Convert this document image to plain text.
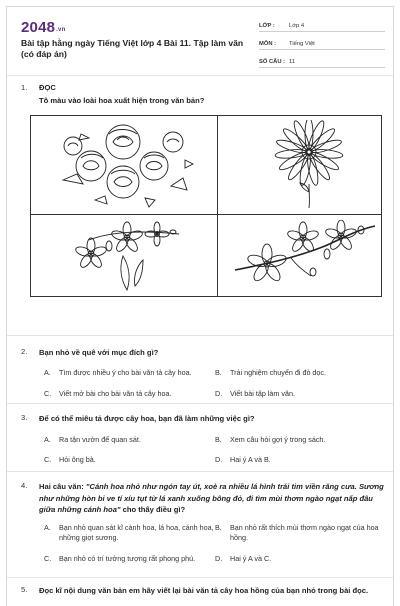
2048.vn
Bài tập hằng ngày Tiếng Việt lớp 4 Bài 11. Tập làm văn (có đáp án)
LỚP :	Lớp 4
MÔN :	Tiếng Việt
SỐ CÂU : 11
1. ĐỌC
Tô màu vào loài hoa xuất hiện trong văn bản?
2. Bạn nhỏ về quê với mục đích gì?
A. Tìm được nhiều ý cho bài văn tả cây hoa.	B. Trải nghiệm chuyến đi đò dọc.
C. Viết mở bài cho bài văn tả cây hoa.	D. Viết bài tập làm văn.
3. Để có thể miêu tả được cây hoa, bạn đã làm những việc gì?
A. Ra tận vườn để quan sát.	B. Xem câu hỏi gợi ý trong sách.
C. Hỏi ông bà.	D. Hai ý A và B.
4. Hai câu văn: "Cánh hoa nhỏ như ngón tay út, xoè ra nhiều lá hình trái tim viền răng cưa. Sương như những hòn bi ve tí xíu tụt từ lá xanh xuống bông đỏ, đi tìm mùi thơm ngào ngạt nấp đâu giữa những cánh hoa" cho thấy điều gì?
A. Bạn nhỏ quan sát kĩ cành hoa, lá hoa, cánh hoa, những giọt sương.
B. Bạn nhỏ rất thích mùi thơm ngào ngạt của hoa hồng.
C. Bạn nhỏ có trí tưởng tượng rất phong phú.	D. Hai ý A và C.
5. Đọc kĩ nội dung văn bản em hãy viết lại bài văn tả cây hoa hồng của bạn nhỏ trong bài đọc.
